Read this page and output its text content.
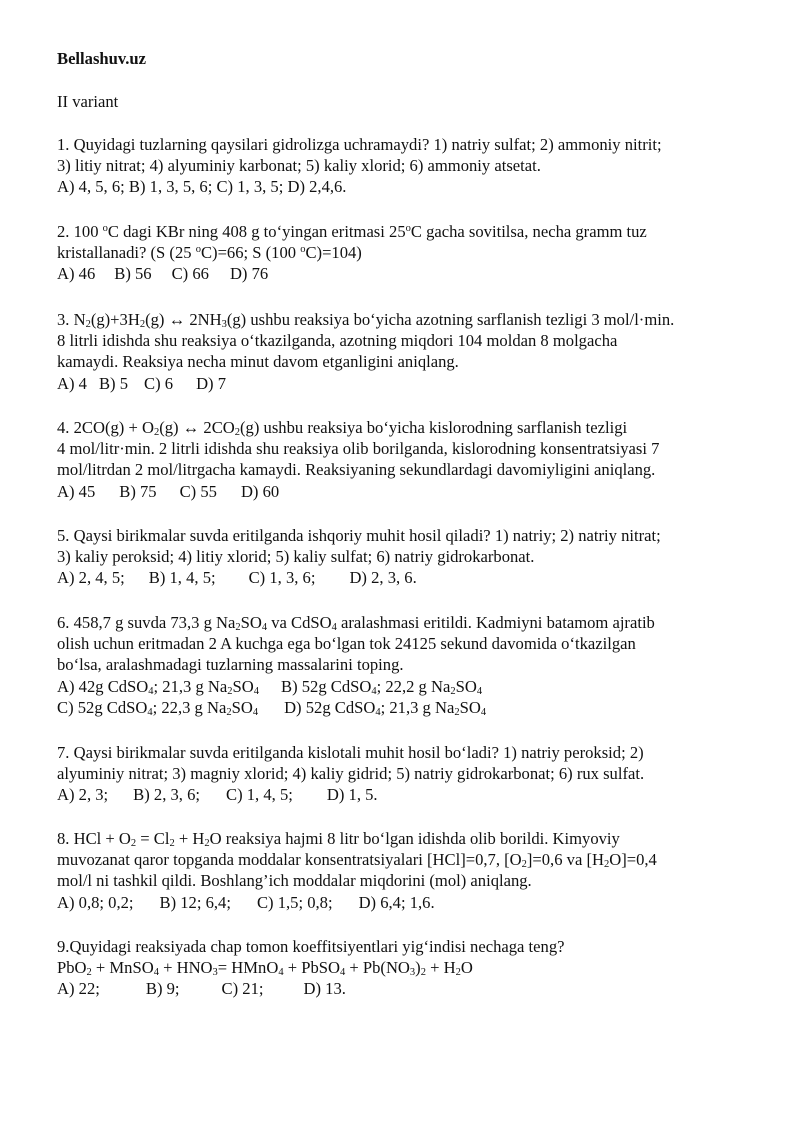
Bellashuv.uz
II variant
1. Quyidagi tuzlarning qaysilari gidrolizga uchramaydi? 1) natriy sulfat; 2) ammoniy nitrit;
3) litiy nitrat; 4) alyuminiy karbonat; 5) kaliy xlorid; 6) ammoniy atsetat.
A) 4, 5, 6; B) 1, 3, 5, 6; C) 1, 3, 5; D) 2,4,6.
2. 100 $^o$C dagi KBr ning 408 g to‘yingan eritmasi 25$^o$C gacha sovitilsa, necha gramm tuz
kristallanadi? (S (25 $^o$C)=66; S (100 $^o$C)=104)
A) 46 B) 56 C) 66 D) 76
3. $N_2(g)+3H_2(g)$ ↔ $2NH_3(g)$ ushbu reaksiya bo‘yicha azotning sarflanish tezligi 3 mol/l·min.
8 litrli idishda shu reaksiya o‘tkazilganda, azotning miqdori 104 moldan 8 molgacha
kamaydi. Reaksiya necha minut davom etganligini aniqlang.
A) 4 B) 5 C) 6 D) 7
4. $2CO(g) + O_2(g)$ ↔ $2CO_2(g)$ ushbu reaksiya bo‘yicha kislorodning sarflanish tezligi
4 mol/litr·min. 2 litrli idishda shu reaksiya olib borilganda, kislorodning konsentratsiyasi 7
mol/litrdan 2 mol/litrgacha kamaydi. Reaksiyaning sekundlardagi davomiyligini aniqlang.
A) 45 B) 75 C) 55 D) 60
5. Qaysi birikmalar suvda eritilganda ishqoriy muhit hosil qiladi? 1) natriy; 2) natriy nitrat;
3) kaliy peroksid; 4) litiy xlorid; 5) kaliy sulfat; 6) natriy gidrokarbonat.
A) 2, 4, 5; B) 1, 4, 5; C) 1, 3, 6; D) 2, 3, 6.
6. 458,7 g suvda 73,3 g $Na_2SO_4$ va CdSO$_4$ aralashmasi eritildi. Kadmiyni batamom ajratib
olish uchun eritmadan 2 A kuchga ega bo‘lgan tok 24125 sekund davomida o‘tkazilgan
bo‘lsa, aralashmadagi tuzlarning massalarini toping.
A) 42g CdSO$_4$; 21,3 g $Na_2SO_4$ B) 52g CdSO$_4$; 22,2 g $Na_2SO_4$
C) 52g CdSO$_4$; 22,3 g $Na_2SO_4$ D) 52g CdSO$_4$; 21,3 g $Na_2SO_4$
7. Qaysi birikmalar suvda eritilganda kislotali muhit hosil bo‘ladi? 1) natriy peroksid; 2)
alyuminiy nitrat; 3) magniy xlorid; 4) kaliy gidrid; 5) natriy gidrokarbonat; 6) rux sulfat.
A) 2, 3; B) 2, 3, 6; C) 1, 4, 5; D) 1, 5.
8. HCl + $O_2 = Cl_2 + H_2O$ reaksiya hajmi 8 litr bo‘lgan idishda olib borildi. Kimyoviy
muvozanat qaror topganda moddalar konsentratsiyalari [HCl]=0,7, $[O_2]=0,6$ va $[H_2O]=0,4$
mol/l ni tashkil qildi. Boshlang’ich moddalar miqdorini (mol) aniqlang.
A) 0,8; 0,2; B) 12; 6,4; C) 1,5; 0,8; D) 6,4; 1,6.
9.Quyidagi reaksiyada chap tomon koeffitsiyentlari yig‘indisi nechaga teng?
PbO$_2$ + MnSO$_4$ + $HNO_3=$ HMnO$_4$ + PbSO$_4$ + $Pb(NO_3)_2 + H_2O$
A) 22;	B) 9;	C) 21; D) 13.
